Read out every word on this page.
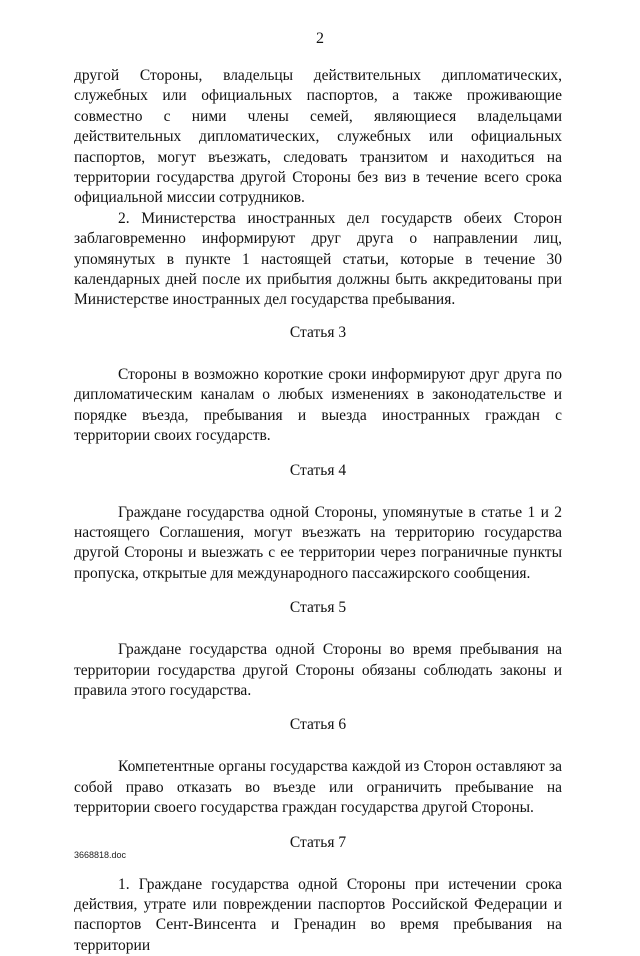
2

другой Стороны, владельцы действительных дипломатических, служебных или официальных паспортов, а также проживающие совместно с ними члены семей, являющиеся владельцами действительных дипломатических, служебных или официальных паспортов, могут въезжать, следовать транзитом и находиться на территории государства другой Стороны без виз в течение всего срока официальной миссии сотрудников.

2. Министерства иностранных дел государств обеих Сторон заблаговременно информируют друг друга о направлении лиц, упомянутых в пункте 1 настоящей статьи, которые в течение 30 календарных дней после их прибытия должны быть аккредитованы при Министерстве иностранных дел государства пребывания.

Статья 3

Стороны в возможно короткие сроки информируют друг друга по дипломатическим каналам о любых изменениях в законодательстве и порядке въезда, пребывания и выезда иностранных граждан с территории своих государств.

Статья 4

Граждане государства одной Стороны, упомянутые в статье 1 и 2 настоящего Соглашения, могут въезжать на территорию государства другой Стороны и выезжать с ее территории через пограничные пункты пропуска, открытые для международного пассажирского сообщения.

Статья 5

Граждане государства одной Стороны во время пребывания на территории государства другой Стороны обязаны соблюдать законы и правила этого государства.

Статья 6

Компетентные органы государства каждой из Сторон оставляют за собой право отказать во въезде или ограничить пребывание на территории своего государства граждан государства другой Стороны.

Статья 7

1. Граждане государства одной Стороны при истечении срока действия, утрате или повреждении паспортов Российской Федерации и паспортов Сент-Винсента и Гренадин во время пребывания на территории

3668818.doc
